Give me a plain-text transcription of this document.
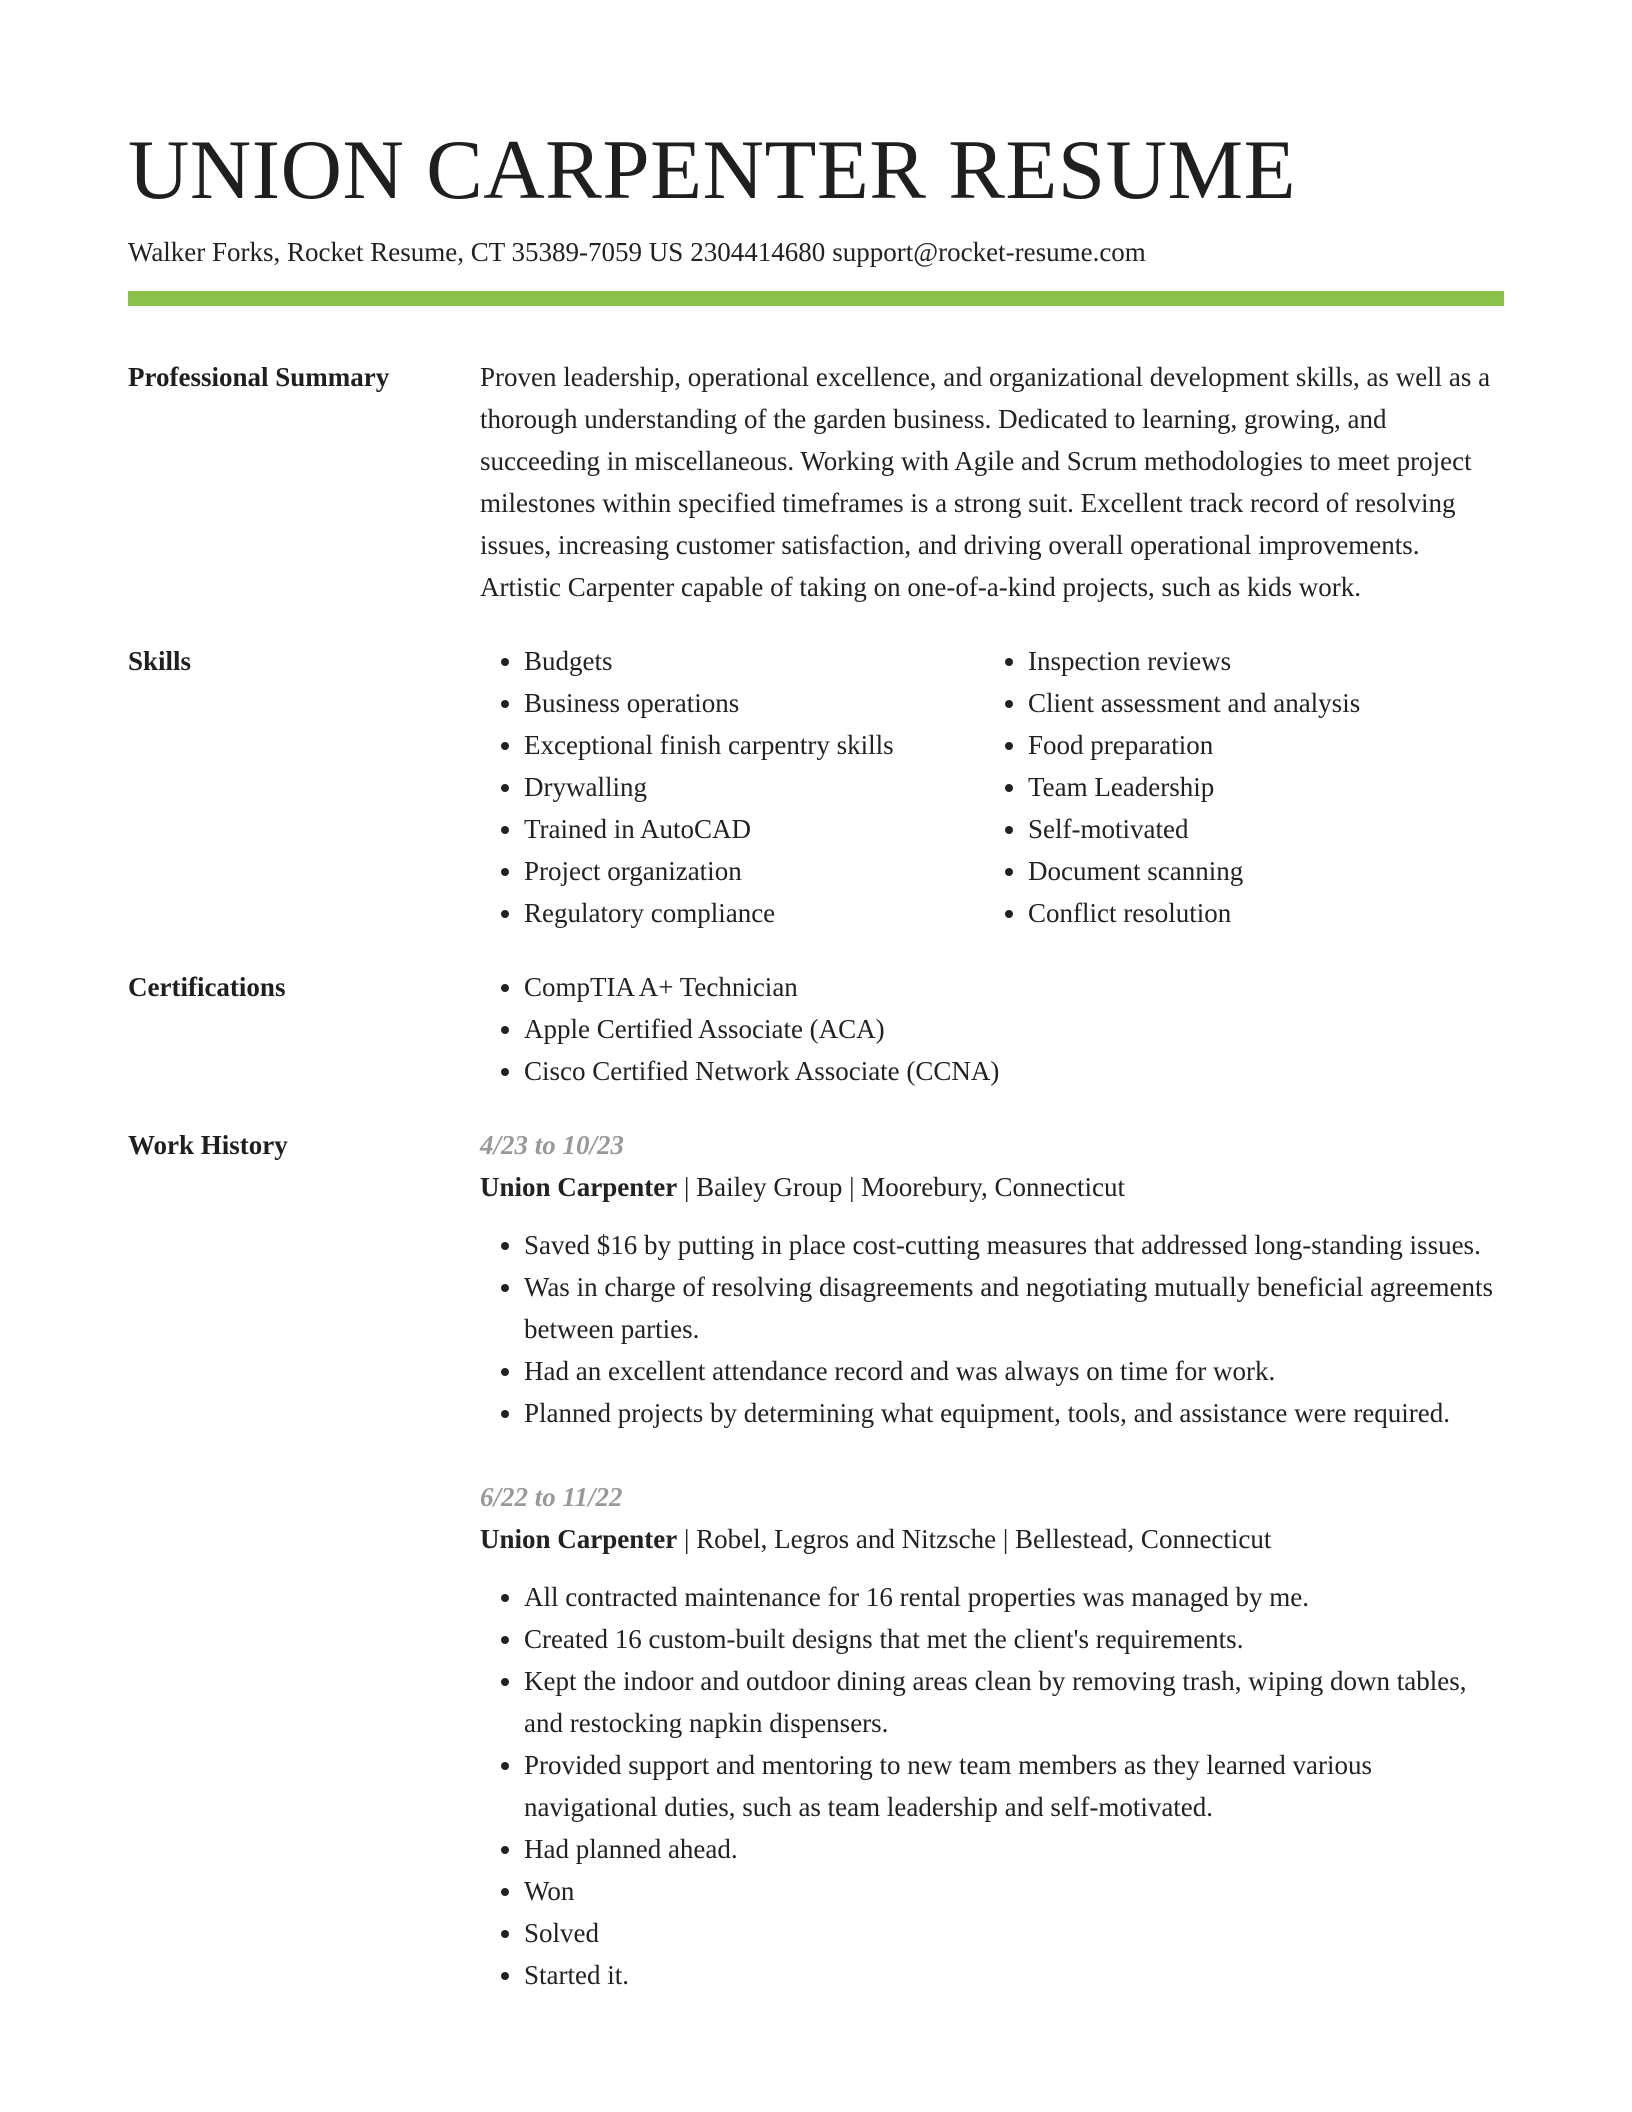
UNION CARPENTER RESUME
Walker Forks, Rocket Resume, CT 35389-7059 US 2304414680 support@rocket-resume.com
Professional Summary	Proven leadership, operational excellence, and organizational development skills, as well as a thorough understanding of the garden business. Dedicated to learning, growing, and succeeding in miscellaneous. Working with Agile and Scrum methodologies to meet project milestones within specified timeframes is a strong suit. Excellent track record of resolving issues, increasing customer satisfaction, and driving overall operational improvements. Artistic Carpenter capable of taking on one-of-a-kind projects, such as kids work.
Skills	• Budgets
• Business operations
• Exceptional finish carpentry skills
• Drywalling
• Trained in AutoCAD
• Project organization
• Regulatory compliance
• Inspection reviews
• Client assessment and analysis
• Food preparation
• Team Leadership
• Self-motivated
• Document scanning
• Conflict resolution
Certifications	• CompTIA A+ Technician
• Apple Certified Associate (ACA)
• Cisco Certified Network Associate (CCNA)
Work History	4/23 to 10/23
Union Carpenter | Bailey Group | Moorebury, Connecticut
• Saved $16 by putting in place cost-cutting measures that addressed long-standing issues.
• Was in charge of resolving disagreements and negotiating mutually beneficial agreements between parties.
• Had an excellent attendance record and was always on time for work.
• Planned projects by determining what equipment, tools, and assistance were required.
6/22 to 11/22
Union Carpenter | Robel, Legros and Nitzsche | Bellestead, Connecticut
• All contracted maintenance for 16 rental properties was managed by me.
• Created 16 custom-built designs that met the client's requirements.
• Kept the indoor and outdoor dining areas clean by removing trash, wiping down tables, and restocking napkin dispensers.
• Provided support and mentoring to new team members as they learned various navigational duties, such as team leadership and self-motivated.
• Had planned ahead.
• Won
• Solved
• Started it.
